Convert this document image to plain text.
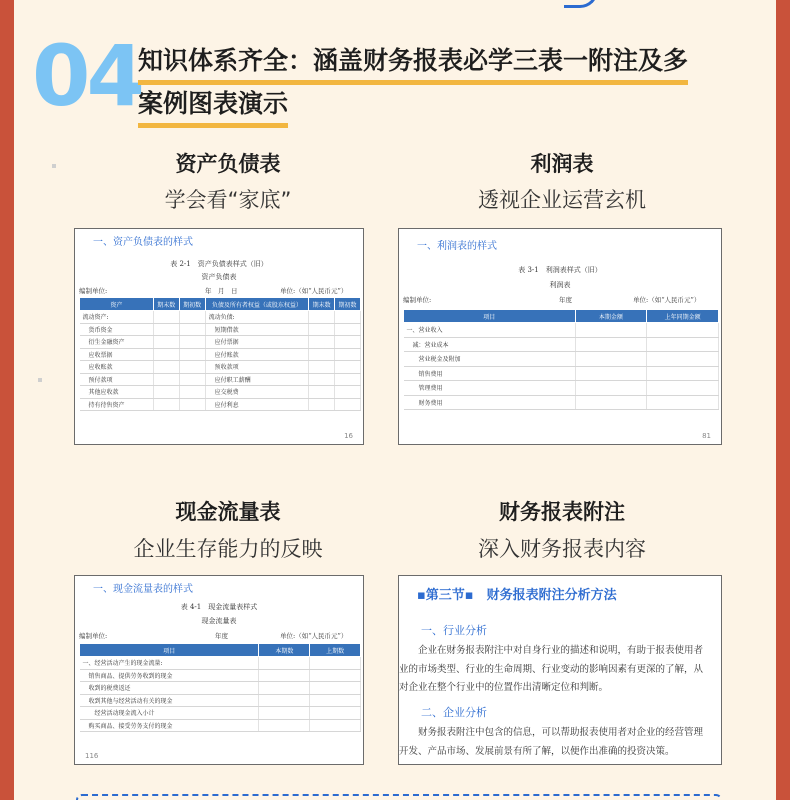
04
知识体系齐全：涵盖财务报表必学三表一附注及多
案例图表演示
资产负债表
学会看“家底”
一、资产负债表的样式
表 2-1　资产负债表样式（旧）
资产负债表
编制单位:	年　月　日	单位:（如“人民币元”）
资产	期末数	期初数	负债及所有者权益（或股东权益）	期末数	期初数
流动资产:			流动负债:		
　货币资金			　短期借款		
　衍生金融资产			　应付票据		
　应收票据			　应付账款		
　应收账款			　预收款项		
　预付款项			　应付职工薪酬		
　其他应收款			　应交税费		
　持有待售资产			　应付利息		
16
利润表
透视企业运营玄机
一、利润表的样式
表 3-1　利润表样式（旧）
利润表
编制单位:	年度	单位:（如“人民币元”）
项目	本期金额	上年同期金额
一、营业收入		
　减：营业成本		
　　营业税金及附加		
　　销售费用		
　　管理费用		
　　财务费用		
81
现金流量表
企业生存能力的反映
一、现金流量表的样式
表 4-1　现金流量表样式
现金流量表
编制单位:	年度	单位:（如“人民币元”）
项目	本期数	上期数
一、经营活动产生的现金流量:		
　销售商品、提供劳务收到的现金		
　收到的税费返还		
　收到其他与经营活动有关的现金		
　　经营活动现金流入小计		
　购买商品、接受劳务支付的现金		
116
财务报表附注
深入财务报表内容
▪第三节▪　财务报表附注分析方法
一、行业分析
　　企业在财务报表附注中对自身行业的描述和说明，有助于报表使用者
业的市场类型、行业的生命周期、行业变动的影响因素有更深的了解，从
对企业在整个行业中的位置作出清晰定位和判断。
二、企业分析
　　财务报表附注中包含的信息，可以帮助报表使用者对企业的经营管理
开发、产品市场、发展前景有所了解，以便作出准确的投资决策。
